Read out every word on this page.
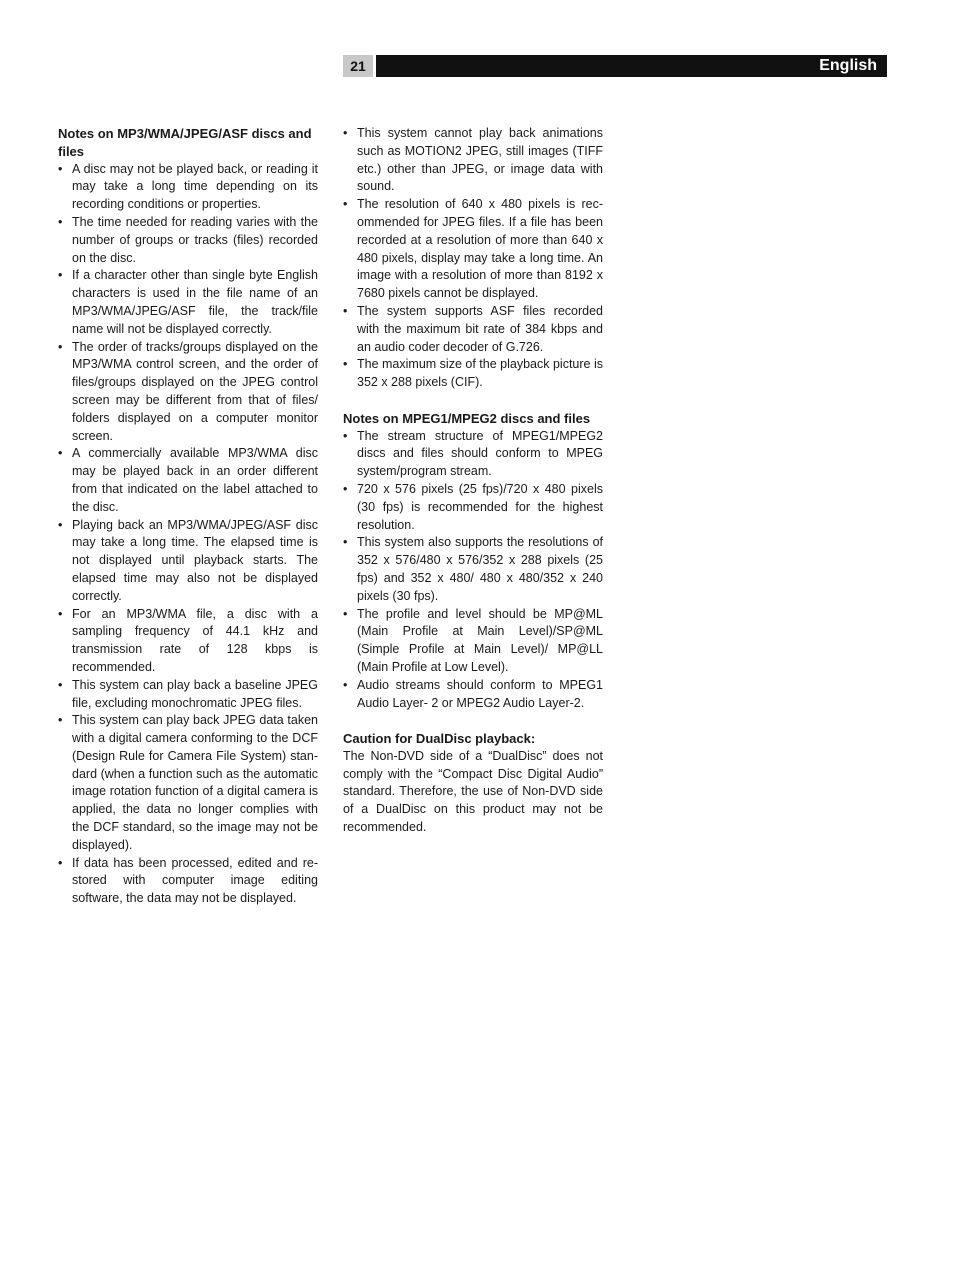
21	English

Notes on MP3/WMA/JPEG/ASF discs and files

• A disc may not be played back, or reading it may take a long time depending on its recording conditions or properties.
• The time needed for reading varies with the number of groups or tracks (files) recorded on the disc.
• If a character other than single byte English characters is used in the file name of an MP3/WMA/JPEG/ASF file, the track/file name will not be displayed correctly.
• The order of tracks/groups displayed on the MP3/WMA control screen, and the order of files/groups displayed on the JPEG control screen may be different from that of files/ folders displayed on a computer monitor screen.
• A commercially available MP3/WMA disc may be played back in an order different from that indicated on the label attached to the disc.
• Playing back an MP3/WMA/JPEG/ASF disc may take a long time. The elapsed time is not displayed until playback starts. The elapsed time may also not be displayed correctly.
• For an MP3/WMA file, a disc with a sampling frequency of 44.1 kHz and transmission rate of 128 kbps is recommended.
• This system can play back a baseline JPEG file, excluding monochromatic JPEG files.
• This system can play back JPEG data taken with a digital camera conforming to the DCF (Design Rule for Camera File System) stan-dard (when a function such as the automatic image rotation function of a digital camera is applied, the data no longer complies with the DCF standard, so the image may not be displayed).
• If data has been processed, edited and re-stored with computer image editing software, the data may not be displayed.
• This system cannot play back animations such as MOTION2 JPEG, still images (TIFF etc.) other than JPEG, or image data with sound.
• The resolution of 640 x 480 pixels is rec-ommended for JPEG files. If a file has been recorded at a resolution of more than 640 x 480 pixels, display may take a long time. An image with a resolution of more than 8192 x 7680 pixels cannot be displayed.
• The system supports ASF files recorded with the maximum bit rate of 384 kbps and an audio coder decoder of G.726.
• The maximum size of the playback picture is 352 x 288 pixels (CIF).

Notes on MPEG1/MPEG2 discs and files

• The stream structure of MPEG1/MPEG2 discs and files should conform to MPEG system/program stream.
• 720 x 576 pixels (25 fps)/720 x 480 pixels (30 fps) is recommended for the highest resolution.
• This system also supports the resolutions of 352 x 576/480 x 576/352 x 288 pixels (25 fps) and 352 x 480/ 480 x 480/352 x 240 pixels (30 fps).
• The profile and level should be MP@ML (Main Profile at Main Level)/SP@ML (Simple Profile at Main Level)/ MP@LL (Main Profile at Low Level).
• Audio streams should conform to MPEG1 Audio Layer- 2 or MPEG2 Audio Layer-2.

Caution for DualDisc playback:

The Non-DVD side of a “DualDisc” does not comply with the “Compact Disc Digital Audio” standard. Therefore, the use of Non-DVD side of a DualDisc on this product may not be recommended.
